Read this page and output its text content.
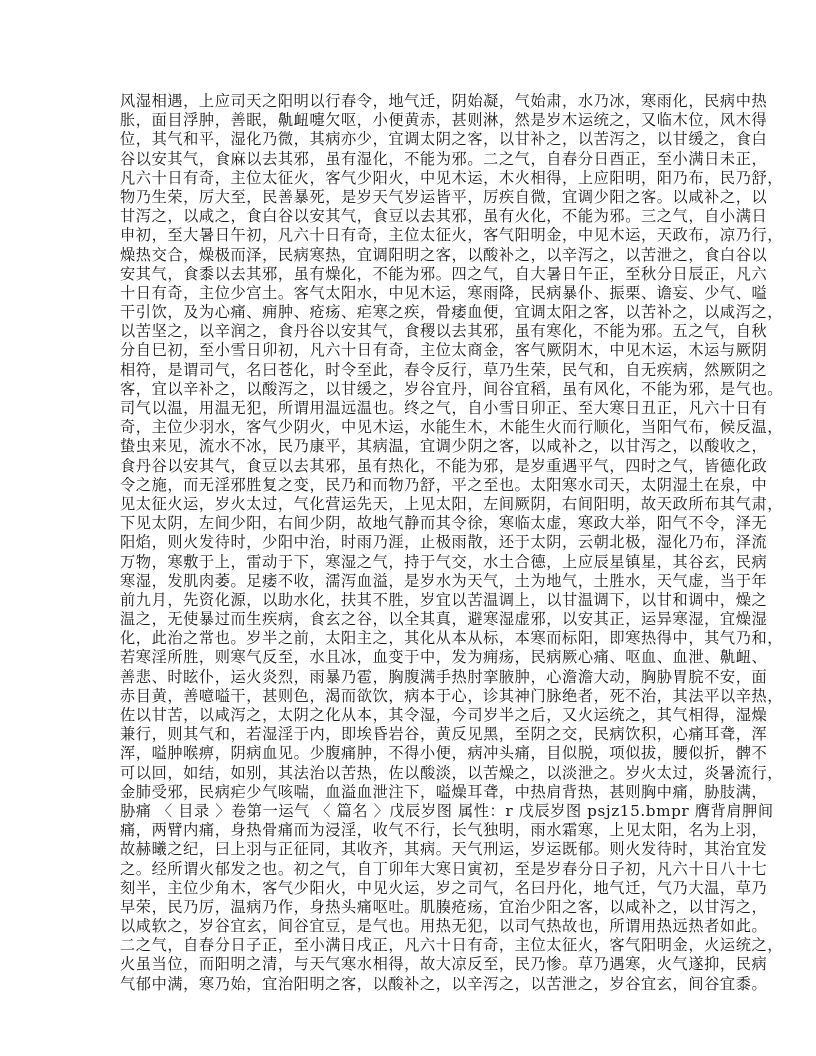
风湿相遇，上应司天之阳明以行春令，地气迁，阴始凝，气始肃，水乃冰，寒雨化，民病中热
胀，面目浮肿，善眠，鼽衄嚏欠呕，小便黄赤，甚则淋，然是岁木运统之，又临木位，风木得
位，其气和平，湿化乃微，其病亦少，宜调太阴之客，以甘补之，以苦泻之，以甘缓之，食白
谷以安其气，食麻以去其邪，虽有湿化，不能为邪。二之气，自春分日酉正，至小满日未正，
凡六十日有奇，主位太征火，客气少阳火，中见木运，木火相得，上应阳明，阳乃布，民乃舒，
物乃生荣，厉大至，民善暴死，是岁天气岁运皆平，厉疾自微，宜调少阳之客。以咸补之，以
甘泻之，以咸之，食白谷以安其气，食豆以去其邪，虽有火化，不能为邪。三之气，自小满日
申初，至大暑日午初，凡六十日有奇，主位太征火，客气阳明金，中见木运，天政布，凉乃行，
燥热交合，燥极而泽，民病寒热，宜调阳明之客，以酸补之，以辛泻之，以苦泄之，食白谷以
安其气，食黍以去其邪，虽有燥化，不能为邪。四之气，自大暑日午正，至秋分日辰正，凡六
十日有奇，主位少宫土。客气太阳水，中见木运，寒雨降，民病暴仆、振栗、谵妄、少气、嗌
干引饮，及为心痛、痈肿、疮疡、疟寒之疾，骨痿血便，宜调太阳之客，以苦补之，以咸泻之，
以苦坚之，以辛润之，食丹谷以安其气，食稷以去其邪，虽有寒化，不能为邪。五之气，自秋
分自巳初，至小雪日卯初，凡六十日有奇，主位太商金，客气厥阴木，中见木运，木运与厥阴
相符，是谓司气，名曰苍化，时令至此，春令反行，草乃生荣，民气和，自无疾病，然厥阴之
客，宜以辛补之，以酸泻之，以甘缓之，岁谷宜丹，间谷宜稻，虽有风化，不能为邪，是气也。
司气以温，用温无犯，所谓用温远温也。终之气，自小雪日卯正、至大寒日丑正，凡六十日有
奇，主位少羽水，客气少阴火，中见木运，水能生木，木能生火而行顺化，当阳气布，候反温，
蛰虫来见，流水不冰，民乃康平，其病温，宜调少阴之客，以咸补之，以甘泻之，以酸收之，
食丹谷以安其气，食豆以去其邪，虽有热化，不能为邪，是岁重遇平气，四时之气，皆德化政
令之施，而无淫邪胜复之变，民乃和而物乃舒，平之至也。太阳寒水司天，太阴湿土在泉，中
见太征火运，岁火太过，气化营运先天，上见太阳，左间厥阴，右间阳明，故天政所布其气肃，
下见太阴，左间少阳，右间少阴，故地气静而其令徐，寒临太虚，寒政大举，阳气不令，泽无
阳焰，则火发待时，少阳中治，时雨乃涯，止极雨散，还于太阴，云朝北极，湿化乃布，泽流
万物，寒敷于上，雷动于下，寒湿之气，持于气交，水土合德，上应辰星镇星，其谷玄，民病
寒湿，发肌肉萎。足痿不收，濡泻血溢，是岁水为天气，土为地气，土胜水，天气虚，当于年
前九月，先资化源，以助水化，扶其不胜，岁宜以苦温调上，以甘温调下，以甘和调中，燥之
温之，无使暴过而生疾病，食玄之谷，以全其真，避寒湿虚邪，以安其正，运异寒湿，宜燥湿
化，此治之常也。岁半之前，太阳主之，其化从本从标，本寒而标阳，即寒热得中，其气乃和，
若寒淫所胜，则寒气反至，水且冰，血变于中，发为痈疡，民病厥心痛、呕血、血泄、鼽衄、
善悲、时眩仆，运火炎烈，雨暴乃雹，胸腹满手热肘挛腋肿，心澹澹大动，胸胁胃脘不安，面
赤目黄，善噫嗌干，甚则色，渴而欲饮，病本于心，诊其神门脉绝者，死不治，其法平以辛热，
佐以甘苦，以咸泻之，太阴之化从本，其令湿，今司岁半之后，又火运统之，其气相得，湿燥
兼行，则其气和，若湿淫于内，即埃昏岩谷，黄反见黑，至阴之交，民病饮积，心痛耳聋，浑
浑，嗌肿喉痹，阴病血见。少腹痛肿，不得小便，病冲头痛，目似脱，项似拔，腰似折，髀不
可以回，如结，如别，其法治以苦热，佐以酸淡，以苦燥之，以淡泄之。岁火太过，炎暑流行，
金肺受邪，民病疟少气咳喘，血溢血泄注下，嗌燥耳聋，中热肩背热，甚则胸中痛，胁肢满，
胁痛 〈 目录 〉卷第一运气 〈 篇名 〉戊辰岁图 属性：r 戊辰岁图 psjz15.bmpr 膺背肩胛间
痛，两臂内痛，身热骨痛而为浸淫，收气不行，长气独明，雨水霜寒，上见太阳，名为上羽，
故赫曦之纪，曰上羽与正征同，其收齐，其病。天气刑运，岁运既郁。则火发待时，其治宜发
之。经所谓火郁发之也。初之气，自丁卯年大寒日寅初，至是岁春分日子初，凡六十日八十七
刻半，主位少角木，客气少阳火，中见火运，岁之司气，名曰丹化，地气迁，气乃大温，草乃
早荣，民乃厉，温病乃作，身热头痛呕吐。肌腠疮疡，宜治少阳之客，以咸补之，以甘泻之，
以咸软之，岁谷宜玄，间谷宜豆，是气也。用热无犯，以司气热故也，所谓用热远热者如此。
二之气，自春分日子正，至小满日戌正，凡六十日有奇，主位太征火，客气阳明金，火运统之，
火虽当位，而阳明之清，与天气寒水相得，故大凉反至，民乃惨。草乃遇寒，火气遂抑，民病
气郁中满，寒乃始，宜治阳明之客，以酸补之，以辛泻之，以苦泄之，岁谷宜玄，间谷宜黍。
